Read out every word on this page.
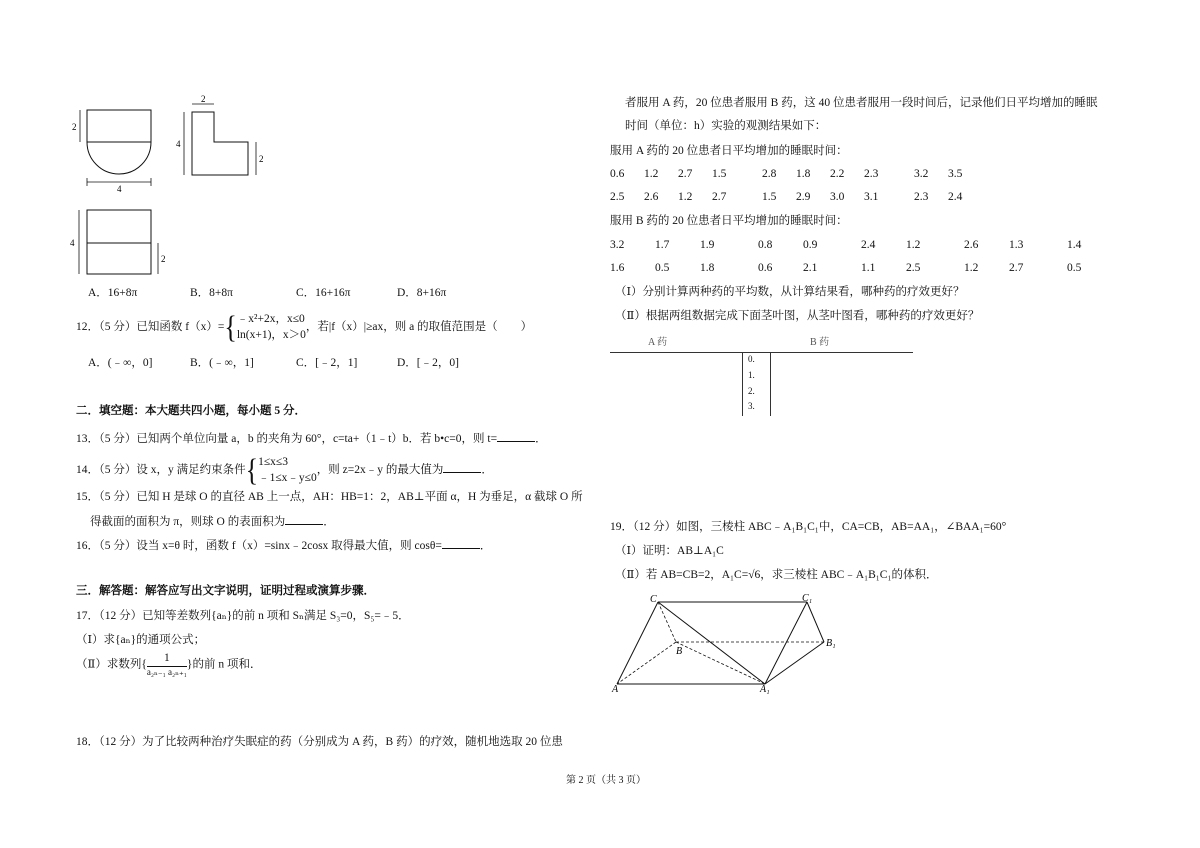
2
4
2
4
2
4
2
A．16+8π	B．8+8π	C．16+16π	D．8+16π
12．（5 分）已知函数 f（x）={ ﹣x²+2x，x≤0
ln(x+1)，x＞0
，若|f（x）|≥ax，则 a 的取值范围是（　　）
A．(﹣∞，0]	B．(﹣∞，1]	C．[﹣2，1]	D．[﹣2，0]
二．填空题：本大题共四小题，每小题 5 分．
13．（5 分）已知两个单位向量 a，b 的夹角为 60°，c=ta+（1﹣t）b．若 b•c=0，则 t=	．
14．（5 分）设 x，y 满足约束条件{ 1≤x≤3
﹣1≤x﹣y≤0
，则 z=2x﹣y 的最大值为	．
15．（5 分）已知 H 是球 O 的直径 AB 上一点，AH：HB=1：2，AB⊥平面 α，H 为垂足，α 截球 O 所
得截面的面积为 π，则球 O 的表面积为	．
16．（5 分）设当 x=θ 时，函数 f（x）=sinx﹣2cosx 取得最大值，则 cosθ=	．
三．解答题：解答应写出文字说明，证明过程或演算步骤．
17．（12 分）已知等差数列{aₙ}的前 n 项和 Sₙ满足 S₃=0，S₅=﹣5．
（Ⅰ）求{aₙ}的通项公式；
（Ⅱ）求数列{ $\frac{1}{\text{a₂ₙ₋₁ a₂ₙ₊₁}}$ }的前 n 项和．
18．（12 分）为了比较两种治疗失眠症的药（分别成为 A 药，B 药）的疗效，随机地选取 20 位患
者服用 A 药，20 位患者服用 B 药，这 40 位患者服用一段时间后，记录他们日平均增加的睡眠
时间（单位：h）实验的观测结果如下：
服用 A 药的 20 位患者日平均增加的睡眠时间：
0.6 1.2 2.7 1.5	2.8 1.8 2.2 2.3	3.2 3.5
2.5 2.6 1.2 2.7	1.5 2.9 3.0 3.1	2.3 2.4
服用 B 药的 20 位患者日平均增加的睡眠时间：
3.2	1.7	1.9	0.8	0.9	2.4	1.2	2.6	1.3	1.4
1.6	0.5	1.8	0.6	2.1	1.1	2.5	1.2	2.7	0.5
（Ⅰ）分别计算两种药的平均数，从计算结果看，哪种药的疗效更好？
（Ⅱ）根据两组数据完成下面茎叶图，从茎叶图看，哪种药的疗效更好？
A 药	B 药
0.
1.
2.
3.
19．（12 分）如图，三棱柱 ABC﹣A₁B₁C₁中，CA=CB，AB=AA₁，∠BAA₁=60°
（Ⅰ）证明：AB⊥A₁C
（Ⅱ）若 AB=CB=2，A₁C=√6，求三棱柱 ABC﹣A₁B₁C₁的体积．
C	C₁
B
B₁
A	A₁
第 2 页（共 3 页）
